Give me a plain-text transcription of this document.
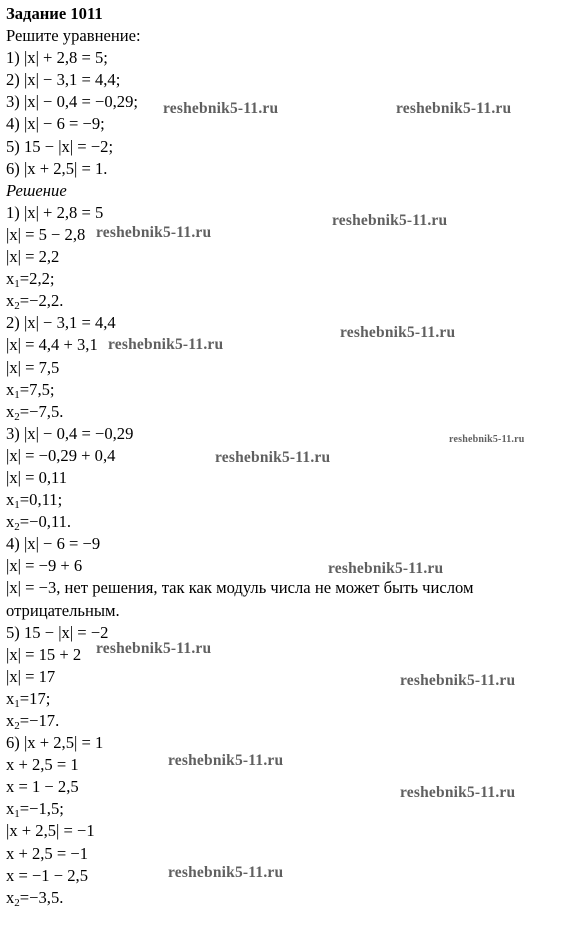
Задание 1011
Решите уравнение:
1) |x| + 2,8 = 5;
2) |x| − 3,1 = 4,4;
3) |x| − 0,4 = −0,29;
4) |x| − 6 = −9;
5) 15 − |x| = −2;
6) |x + 2,5| = 1.
Решение
1) |x| + 2,8 = 5
|x| = 5 − 2,8
|x| = 2,2
$x_1=2,2$;
$x_2=-2,2$.
2) |x| − 3,1 = 4,4
|x| = 4,4 + 3,1
|x| = 7,5
$x_1=7,5$;
$x_2=-7,5$.
3) |x| − 0,4 = −0,29
|x| = −0,29 + 0,4
|x| = 0,11
$x_1=0,11$;
$x_2=-0,11$.
4) |x| − 6 = −9
|x| = −9 + 6
|x| = −3, нет решения, так как модуль числа не может быть числом отрицательным.
5) 15 − |x| = −2
|x| = 15 + 2
|x| = 17
$x_1=17$;
$x_2=-17$.
6) |x + 2,5| = 1
x + 2,5 = 1
x = 1 − 2,5
$x_1=-1,5$;
|x + 2,5| = −1
x + 2,5 = −1
x = −1 − 2,5
$x_2=-3,5$.
reshebnik5-11.ru	reshebnik5-11.ru
reshebnik5-11.ru
reshebnik5-11.ru
reshebnik5-11.ru
reshebnik5-11.ru
reshebnik5-11.ru
reshebnik5-11.ru
reshebnik5-11.ru
reshebnik5-11.ru
reshebnik5-11.ru
reshebnik5-11.ru
reshebnik5-11.ru
reshebnik5-11.ru
